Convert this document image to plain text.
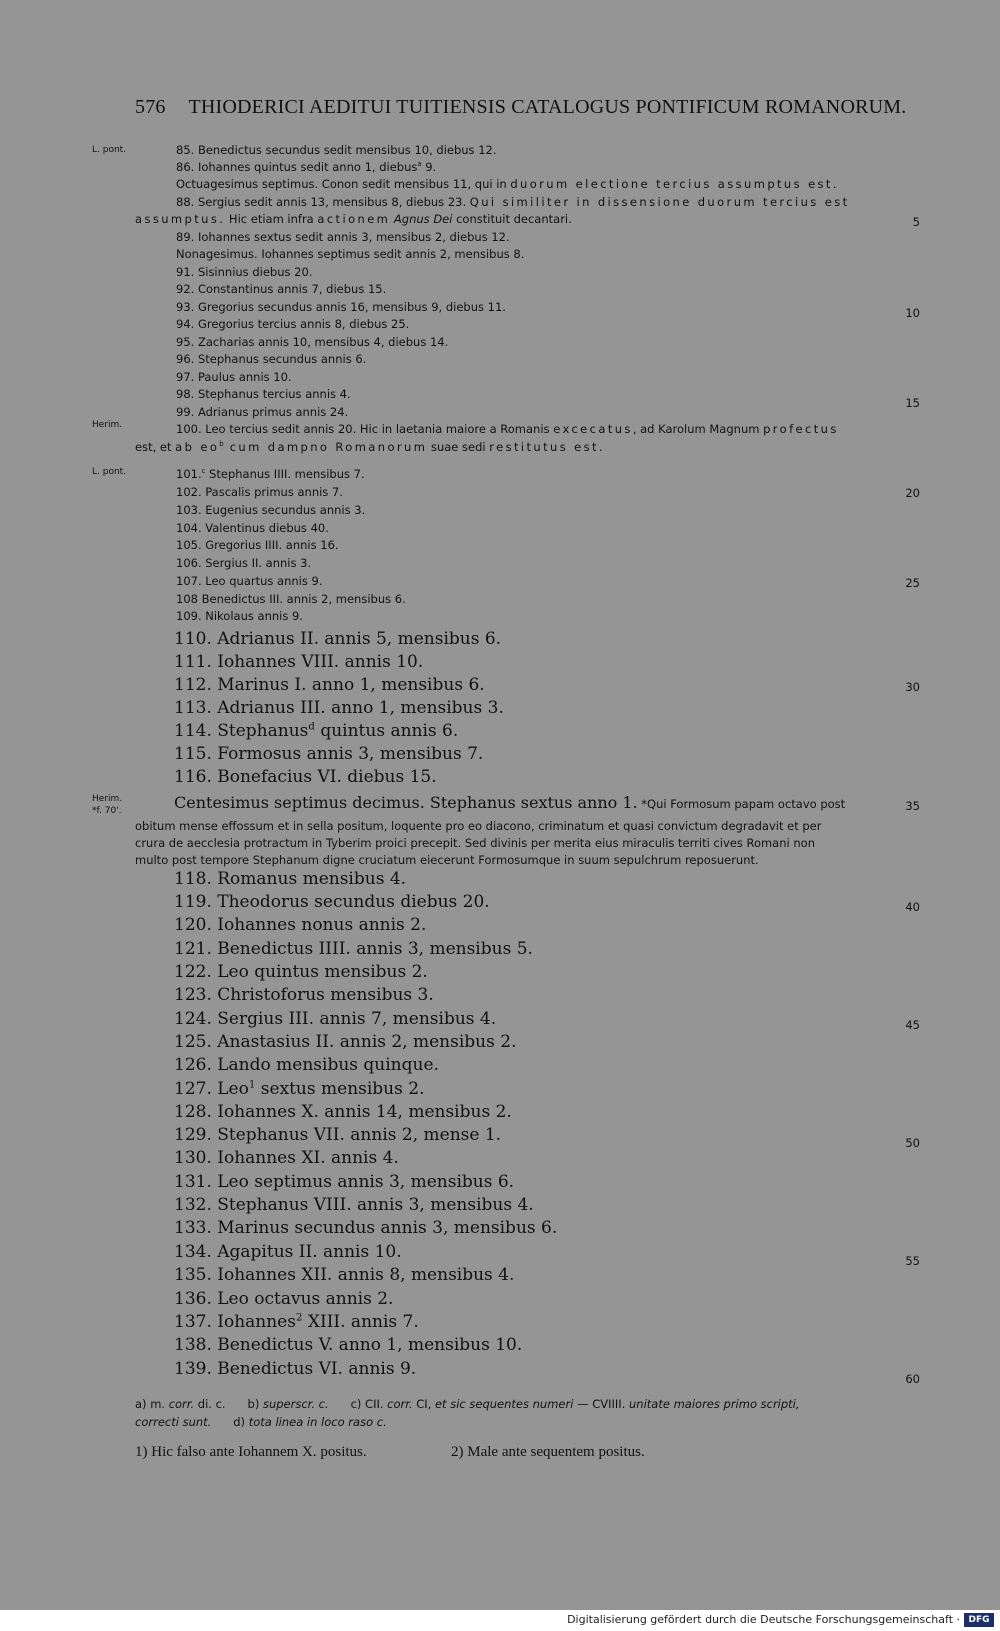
576 THIODERICI AEDITUI TUITIENSIS CATALOGUS PONTIFICUM ROMANORUM.
L. pont.
Herim.
L. pont.
Herim.
*f. 70'.
5
10
15
20
25
30
35
40
45
50
55
60
85. Benedictus secundus sedit mensibus 10, diebus 12.
86. Iohannes quintus sedit anno 1, diebus$^a$ 9.
Octuagesimus septimus. Conon sedit mensibus 11, qui in duorum electione tercius assumptus est.
88. Sergius sedit annis 13, mensibus 8, diebus 23. Qui similiter in dissensione duorum tercius est
assumptus. Hic etiam infra actionem Agnus Dei constituit decantari.
89. Iohannes sextus sedit annis 3, mensibus 2, diebus 12.
Nonagesimus. Iohannes septimus sedit annis 2, mensibus 8.
91. Sisinnius diebus 20.
92. Constantinus annis 7, diebus 15.
93. Gregorius secundus annis 16, mensibus 9, diebus 11.
94. Gregorius tercius annis 8, diebus 25.
95. Zacharias annis 10, mensibus 4, diebus 14.
96. Stephanus secundus annis 6.
97. Paulus annis 10.
98. Stephanus tercius annis 4.
99. Adrianus primus annis 24.
100. Leo tercius sedit annis 20. Hic in laetania maiore a Romanis excecatus, ad Karolum Magnum profectus
est, et ab $eo^b$ cum dampno Romanorum suae sedi restitutus est.
101.$^c$ Stephanus IIII. mensibus 7.
102. Pascalis primus annis 7.
103. Eugenius secundus annis 3.
104. Valentinus diebus 40.
105. Gregorius IIII. annis 16.
106. Sergius II. annis 3.
107. Leo quartus annis 9.
108 Benedictus III. annis 2, mensibus 6.
109. Nikolaus annis 9.
110. Adrianus II. annis 5, mensibus 6.
111. Iohannes VIII. annis 10.
112. Marinus I. anno 1, mensibus 6.
113. Adrianus III. anno 1, mensibus 3.
114. Stephanus$^d$ quintus annis 6.
115. Formosus annis 3, mensibus 7.
116. Bonefacius VI. diebus 15.
Centesimus septimus decimus. Stephanus sextus anno 1. *Qui Formosum papam octavo post
obitum mense effossum et in sella positum, loquente pro eo diacono, criminatum et quasi convictum degradavit et per
crura de aecclesia protractum in Tyberim proici precepit. Sed divinis per merita eius miraculis territi cives Romani non
multo post tempore Stephanum digne cruciatum eiecerunt Formosumque in suum sepulchrum reposuerunt.
118. Romanus mensibus 4.
119. Theodorus secundus diebus 20.
120. Iohannes nonus annis 2.
121. Benedictus IIII. annis 3, mensibus 5.
122. Leo quintus mensibus 2.
123. Christoforus mensibus 3.
124. Sergius III. annis 7, mensibus 4.
125. Anastasius II. annis 2, mensibus 2.
126. Lando mensibus quinque.
127. Leo$^1$ sextus mensibus 2.
128. Iohannes X. annis 14, mensibus 2.
129. Stephanus VII. annis 2, mense 1.
130. Iohannes XI. annis 4.
131. Leo septimus annis 3, mensibus 6.
132. Stephanus VIII. annis 3, mensibus 4.
133. Marinus secundus annis 3, mensibus 6.
134. Agapitus II. annis 10.
135. Iohannes XII. annis 8, mensibus 4.
136. Leo octavus annis 2.
137. Iohannes$^2$ XIII. annis 7.
138. Benedictus V. anno 1, mensibus 10.
139. Benedictus VI. annis 9.
a) m. corr. di. c. b) superscr. c. c) CII. corr. CI, et sic sequentes numeri — CVIIII. unitate maiores primo scripti,
correcti sunt. d) tota linea in loco raso c.
1) Hic falso ante Iohannem X. positus.	2) Male ante sequentem positus.
Digitalisierung gefördert durch die Deutsche Forschungsgemeinschaft · DFG
